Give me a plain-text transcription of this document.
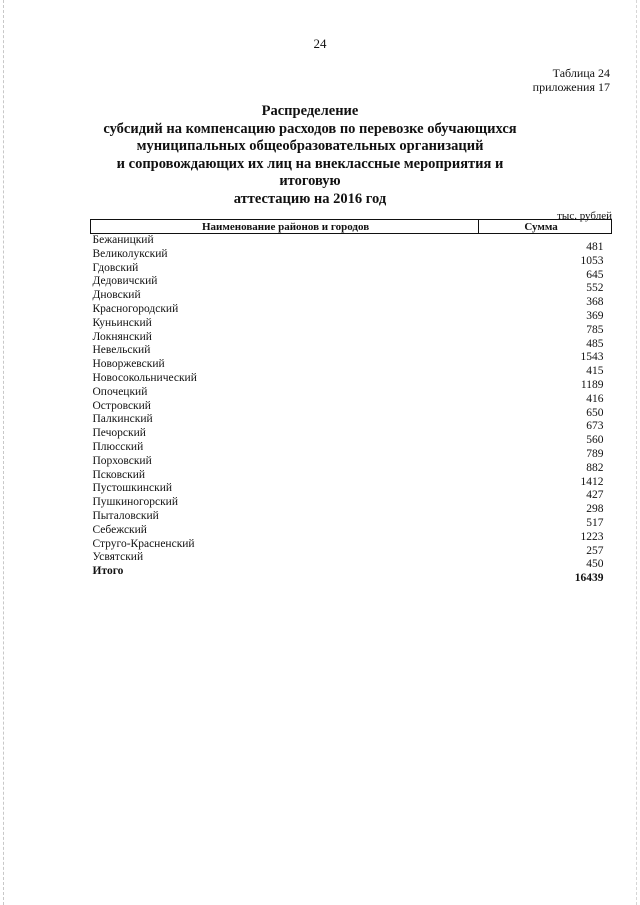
24
Таблица 24
приложения 17
Распределение
субсидий на компенсацию расходов по перевозке обучающихся
муниципальных общеобразовательных организаций
и сопровождающих их лиц на внеклассные мероприятия и итоговую
аттестацию на 2016 год
тыс. рублей
Наименование районов и городов	Сумма
Бежаницкий	481
Великолукский	1053
Гдовский	645
Дедовичский	552
Дновский	368
Красногородский	369
Куньинский	785
Локнянский	485
Невельский	1543
Новоржевский	415
Новосокольнический	1189
Опочецкий	416
Островский	650
Палкинский	673
Печорский	560
Плюсский	789
Порховский	882
Псковский	1412
Пустошкинский	427
Пушкиногорский	298
Пыталовский	517
Себежский	1223
Струго-Красненский	257
Усвятский	450
Итого	16439
